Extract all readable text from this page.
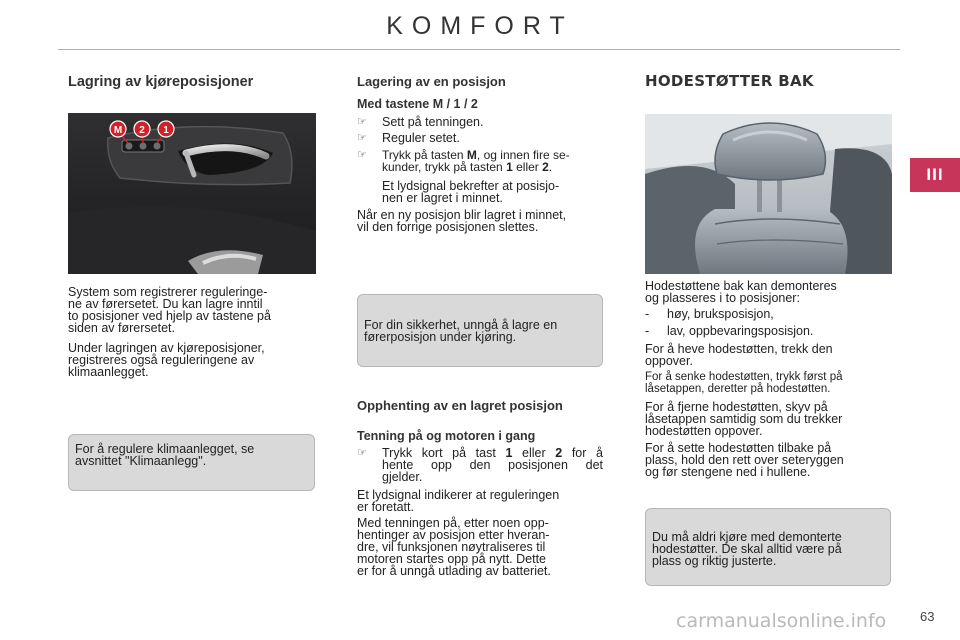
KOMFORT
III
Lagring av kjøreposisjoner
M 2 1
System som registrerer reguleringe-
ne av førersetet. Du kan lagre inntil
to posisjoner ved hjelp av tastene på
siden av førersetet.
Under lagringen av kjøreposisjoner,
registreres også reguleringene av
klimaanlegget.
For å regulere klimaanlegget, se
avsnittet "Klimaanlegg".
Lagering av en posisjon
Med tastene M / 1 / 2
☞	Sett på tenningen.
☞	Reguler setet.
☞	Trykk på tasten M, og innen fire se-
kunder, trykk på tasten 1 eller 2.
Et lydsignal bekrefter at posisjo-
nen er lagret i minnet.
Når en ny posisjon blir lagret i minnet,
vil den forrige posisjonen slettes.
For din sikkerhet, unngå å lagre en
førerposisjon under kjøring.
Opphenting av en lagret posisjon
Tenning på og motoren i gang
☞	Trykk kort på tast 1 eller 2 for å
hente opp den posisjonen det
gjelder.
Et lydsignal indikerer at reguleringen
er foretatt.
Med tenningen på, etter noen opp-
hentinger av posisjon etter hveran-
dre, vil funksjonen nøytraliseres til
motoren startes opp på nytt. Dette
er for å unngå utlading av batteriet.
HODESTØTTER BAK
Hodestøttene bak kan demonteres
og plasseres i to posisjoner:
- høy, bruksposisjon,
- lav, oppbevaringsposisjon.
For å heve hodestøtten, trekk den
oppover.
For å senke hodestøtten, trykk først på
låsetappen, deretter på hodestøtten.
For å fjerne hodestøtten, skyv på
låsetappen samtidig som du trekker
hodestøtten oppover.
For å sette hodestøtten tilbake på
plass, hold den rett over seteryggen
og før stengene ned i hullene.
Du må aldri kjøre med demonterte
hodestøtter. De skal alltid være på
plass og riktig justerte.
carmanualsonline.info	63
